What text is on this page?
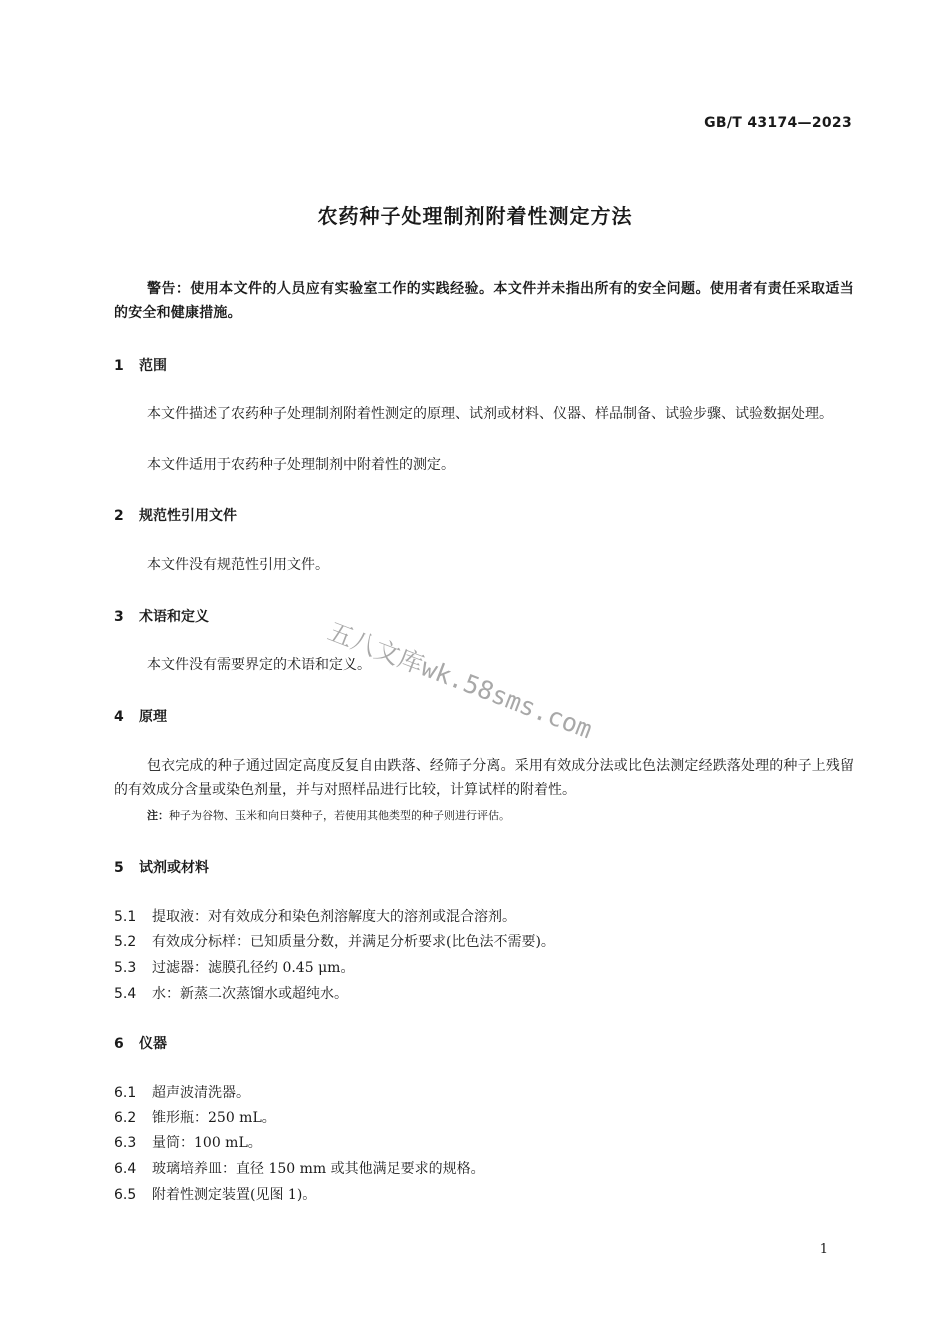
GB/T 43174—2023
农药种子处理制剂附着性测定方法
警告：使用本文件的人员应有实验室工作的实践经验。本文件并未指出所有的安全问题。使用者有责任采取适当的安全和健康措施。
1 范围
本文件描述了农药种子处理制剂附着性测定的原理、试剂或材料、仪器、样品制备、试验步骤、试验数据处理。
本文件适用于农药种子处理制剂中附着性的测定。
2 规范性引用文件
本文件没有规范性引用文件。
3 术语和定义
本文件没有需要界定的术语和定义。
4 原理
包衣完成的种子通过固定高度反复自由跌落、经筛子分离。采用有效成分法或比色法测定经跌落处理的种子上残留的有效成分含量或染色剂量，并与对照样品进行比较，计算试样的附着性。
注：种子为谷物、玉米和向日葵种子，若使用其他类型的种子则进行评估。
5 试剂或材料
5.1 提取液：对有效成分和染色剂溶解度大的溶剂或混合溶剂。
5.2 有效成分标样：已知质量分数，并满足分析要求(比色法不需要)。
5.3 过滤器：滤膜孔径约 0.45 μm。
5.4 水：新蒸二次蒸馏水或超纯水。
6 仪器
6.1 超声波清洗器。
6.2 锥形瓶：250 mL。
6.3 量筒：100 mL。
6.4 玻璃培养皿：直径 150 mm 或其他满足要求的规格。
6.5 附着性测定装置(见图 1)。
五八文库wk.58sms.com
1
